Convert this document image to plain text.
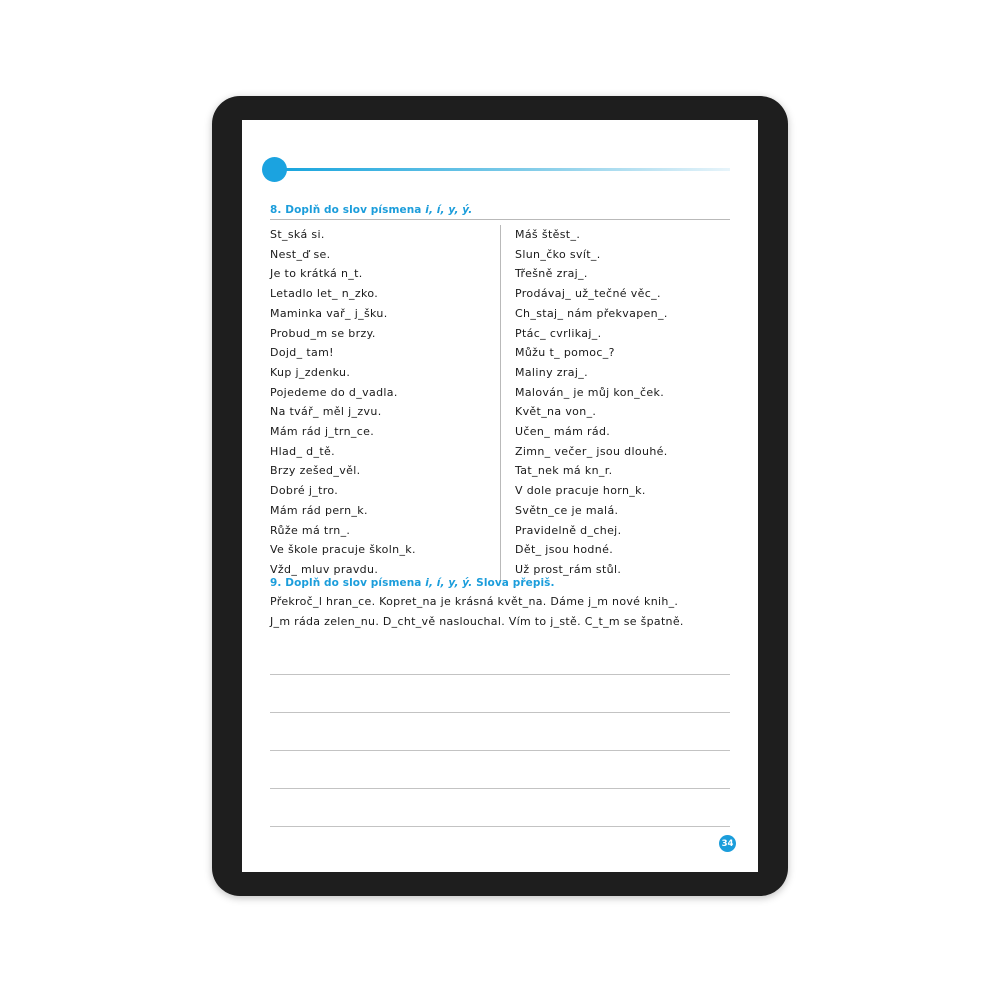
8. Doplň do slov písmena i, í, y, ý.
St_ská si.
Nest_ď se.
Je to krátká n_t.
Letadlo let_ n_zko.
Maminka vař_ j_šku.
Probud_m se brzy.
Dojd_ tam!
Kup j_zdenku.
Pojedeme do d_vadla.
Na tvář_ měl j_zvu.
Mám rád j_trn_ce.
Hlad_ d_tě.
Brzy zešed_věl.
Dobré j_tro.
Mám rád pern_k.
Růže má trn_.
Ve škole pracuje školn_k.
Vžd_ mluv pravdu.
Máš štěst_.
Slun_čko svít_.
Třešně zraj_.
Prodávaj_ už_tečné věc_.
Ch_staj_ nám překvapen_.
Ptác_ cvrlikaj_.
Můžu t_ pomoc_?
Maliny zraj_.
Malován_ je můj kon_ček.
Květ_na von_.
Učen_ mám rád.
Zimn_ večer_ jsou dlouhé.
Tat_nek má kn_r.
V dole pracuje horn_k.
Světn_ce je malá.
Pravidelně d_chej.
Dět_ jsou hodné.
Už prost_rám stůl.
9. Doplň do slov písmena i, í, y, ý. Slova přepiš.

Překroč_l hran_ce. Kopret_na je krásná květ_na. Dáme j_m nové knih_.

J_m ráda zelen_nu. D_cht_vě naslouchal. Vím to j_stě. C_t_m se špatně.

34
